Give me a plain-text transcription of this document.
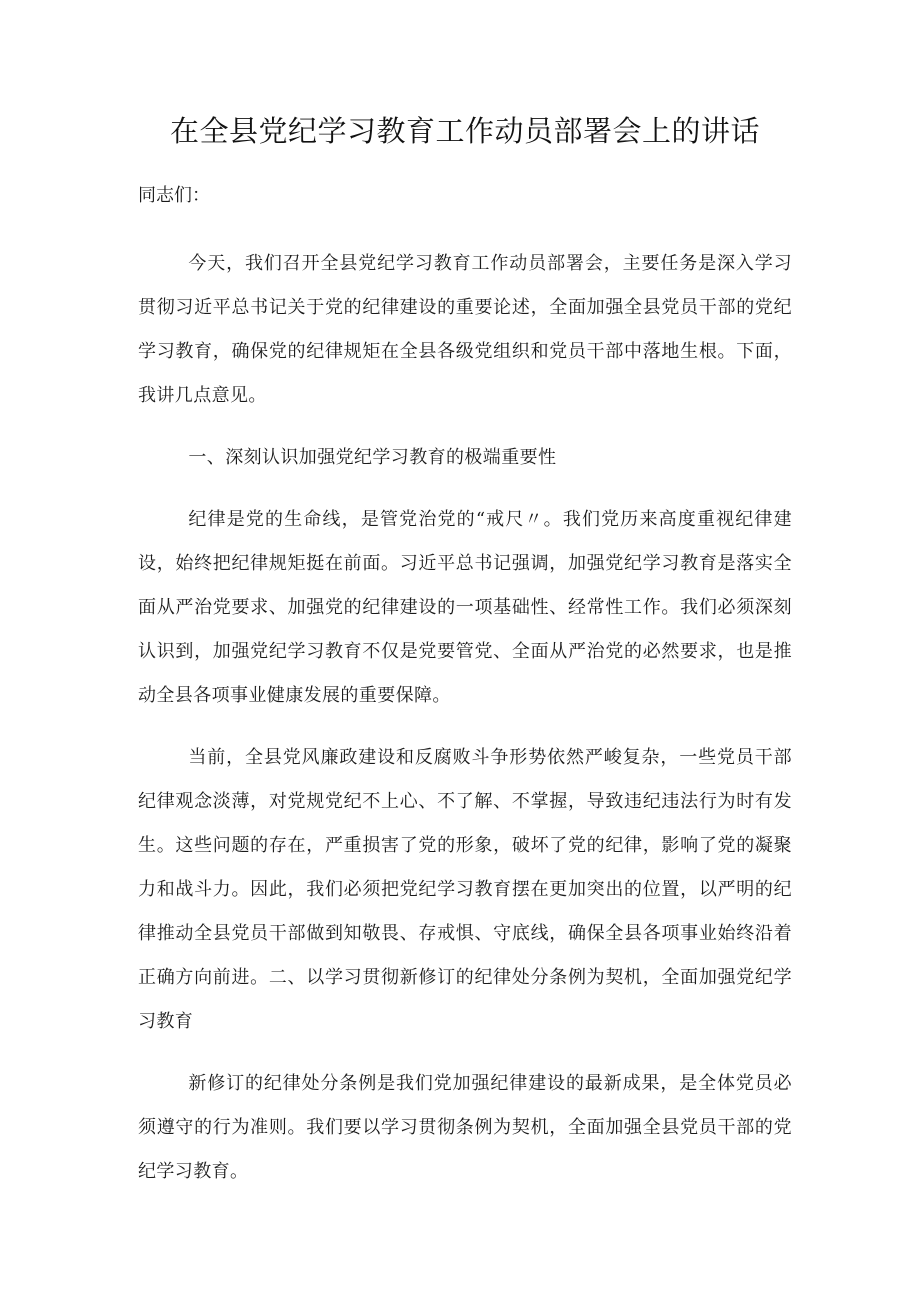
在全县党纪学习教育工作动员部署会上的讲话

同志们：

今天，我们召开全县党纪学习教育工作动员部署会，主要任务是深入学习贯彻习近平总书记关于党的纪律建设的重要论述，全面加强全县党员干部的党纪学习教育，确保党的纪律规矩在全县各级党组织和党员干部中落地生根。下面，我讲几点意见。

一、深刻认识加强党纪学习教育的极端重要性

纪律是党的生命线，是管党治党的“戒尺〃。我们党历来高度重视纪律建设，始终把纪律规矩挺在前面。习近平总书记强调，加强党纪学习教育是落实全面从严治党要求、加强党的纪律建设的一项基础性、经常性工作。我们必须深刻认识到，加强党纪学习教育不仅是党要管党、全面从严治党的必然要求，也是推动全县各项事业健康发展的重要保障。

当前，全县党风廉政建设和反腐败斗争形势依然严峻复杂，一些党员干部纪律观念淡薄，对党规党纪不上心、不了解、不掌握，导致违纪违法行为时有发生。这些问题的存在，严重损害了党的形象，破坏了党的纪律，影响了党的凝聚力和战斗力。因此，我们必须把党纪学习教育摆在更加突出的位置，以严明的纪律推动全县党员干部做到知敬畏、存戒惧、守底线，确保全县各项事业始终沿着正确方向前进。二、以学习贯彻新修订的纪律处分条例为契机，全面加强党纪学习教育

新修订的纪律处分条例是我们党加强纪律建设的最新成果，是全体党员必须遵守的行为准则。我们要以学习贯彻条例为契机，全面加强全县党员干部的党纪学习教育。
